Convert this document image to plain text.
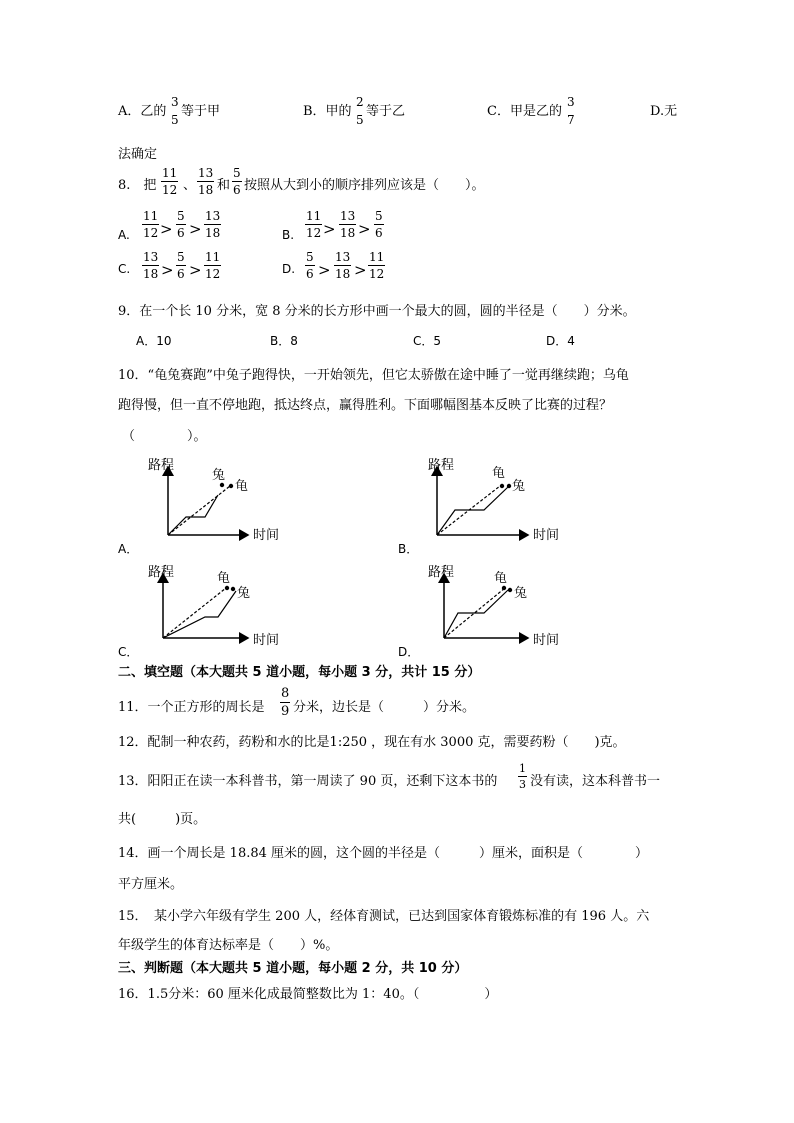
A．乙的
3
5
等于甲	B．甲的
2
5
等于乙	C．甲是乙的
3
7
D.无
法确定
8.　把 $\frac{11}{12}$ 、 $\frac{13}{18}$ 和 $\frac{5}{6}$ 按照从大到小的顺序排列应该是（　　）。
A. $\frac{11}{12} > \frac{5}{6} > \frac{13}{18}$	B. $\frac{11}{12} > \frac{13}{18} > \frac{5}{6}$
C. $\frac{13}{18} > \frac{5}{6} > \frac{11}{12}$	D. $\frac{5}{6} > \frac{13}{18} > \frac{11}{12}$
9．在一个长 10 分米，宽 8 分米的长方形中画一个最大的圆，圆的半径是（　　）分米。
A．10	B．8	C．5	D．4
10．“龟兔赛跑”中兔子跑得快，一开始领先，但它太骄傲在途中睡了一觉再继续跑；乌龟
跑得慢，但一直不停地跑，抵达终点，赢得胜利。下面哪幅图基本反映了比赛的过程？
（　　　　）。
路程
时间
兔
龟
A．
路程
时间
龟
兔
B．
路程
时间
龟
兔
C．
路程
时间
龟
兔
D．
二、填空题（本大题共 5 道小题，每小题 3 分，共计 15 分）
11．一个正方形的周长是 $\frac{8}{9}$ 分米，边长是（　　　）分米。
12．配制一种农药，药粉和水的比是1:250 ，现在有水 3000 克，需要药粉（　　)克。
13．阳阳正在读一本科普书，第一周读了 90 页，还剩下这本书的 $\frac{1}{3}$ 没有读，这本科普书一
共(　　　)页。
14．画一个周长是 18.84 厘米的圆，这个圆的半径是（　　　）厘米，面积是（　　　　）
平方厘米。
15．　某小学六年级有学生 200 人，经体育测试，已达到国家体育锻炼标准的有 196 人。六
年级学生的体育达标率是（　　）%。
三、判断题（本大题共 5 道小题，每小题 2 分，共 10 分）
16．1.5分米：60 厘米化成最简整数比为 1：40。（　　　　　）
